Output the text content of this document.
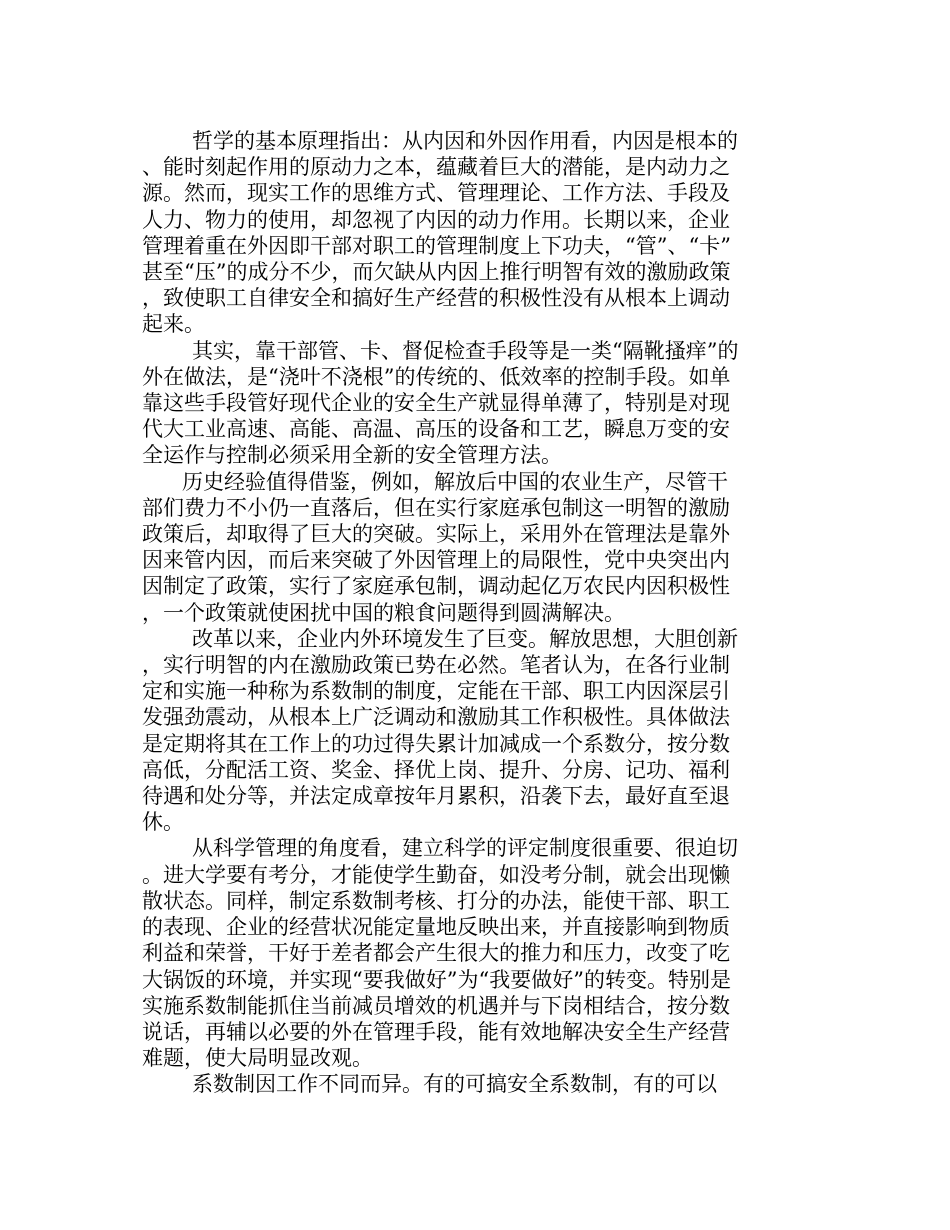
哲学的基本原理指出：从内因和外因作用看，内因是根本的、能时刻起作用的原动力之本，蕴藏着巨大的潜能，是内动力之源。然而，现实工作的思维方式、管理理论、工作方法、手段及人力、物力的使用，却忽视了内因的动力作用。长期以来，企业管理着重在外因即干部对职工的管理制度上下功夫，“管”、“卡”甚至“压”的成分不少，而欠缺从内因上推行明智有效的激励政策，致使职工自律安全和搞好生产经营的积极性没有从根本上调动起来。

其实，靠干部管、卡、督促检查手段等是一类“隔靴搔痒”的外在做法，是“浇叶不浇根”的传统的、低效率的控制手段。如单靠这些手段管好现代企业的安全生产就显得单薄了，特别是对现代大工业高速、高能、高温、高压的设备和工艺，瞬息万变的安全运作与控制必须采用全新的安全管理方法。

历史经验值得借鉴，例如，解放后中国的农业生产，尽管干部们费力不小仍一直落后，但在实行家庭承包制这一明智的激励政策后，却取得了巨大的突破。实际上，采用外在管理法是靠外因来管内因，而后来突破了外因管理上的局限性，党中央突出内因制定了政策，实行了家庭承包制，调动起亿万农民内因积极性，一个政策就使困扰中国的粮食问题得到圆满解决。

改革以来，企业内外环境发生了巨变。解放思想，大胆创新，实行明智的内在激励政策已势在必然。笔者认为，在各行业制定和实施一种称为系数制的制度，定能在干部、职工内因深层引发强劲震动，从根本上广泛调动和激励其工作积极性。具体做法是定期将其在工作上的功过得失累计加减成一个系数分，按分数高低，分配活工资、奖金、择优上岗、提升、分房、记功、福利待遇和处分等，并法定成章按年月累积，沿袭下去，最好直至退休。

从科学管理的角度看，建立科学的评定制度很重要、很迫切。进大学要有考分，才能使学生勤奋，如没考分制，就会出现懒散状态。同样，制定系数制考核、打分的办法，能使干部、职工的表现、企业的经营状况能定量地反映出来，并直接影响到物质利益和荣誉，干好于差者都会产生很大的推力和压力，改变了吃大锅饭的环境，并实现“要我做好”为“我要做好”的转变。特别是实施系数制能抓住当前减员增效的机遇并与下岗相结合，按分数说话，再辅以必要的外在管理手段，能有效地解决安全生产经营难题，使大局明显改观。

系数制因工作不同而异。有的可搞安全系数制，有的可以
